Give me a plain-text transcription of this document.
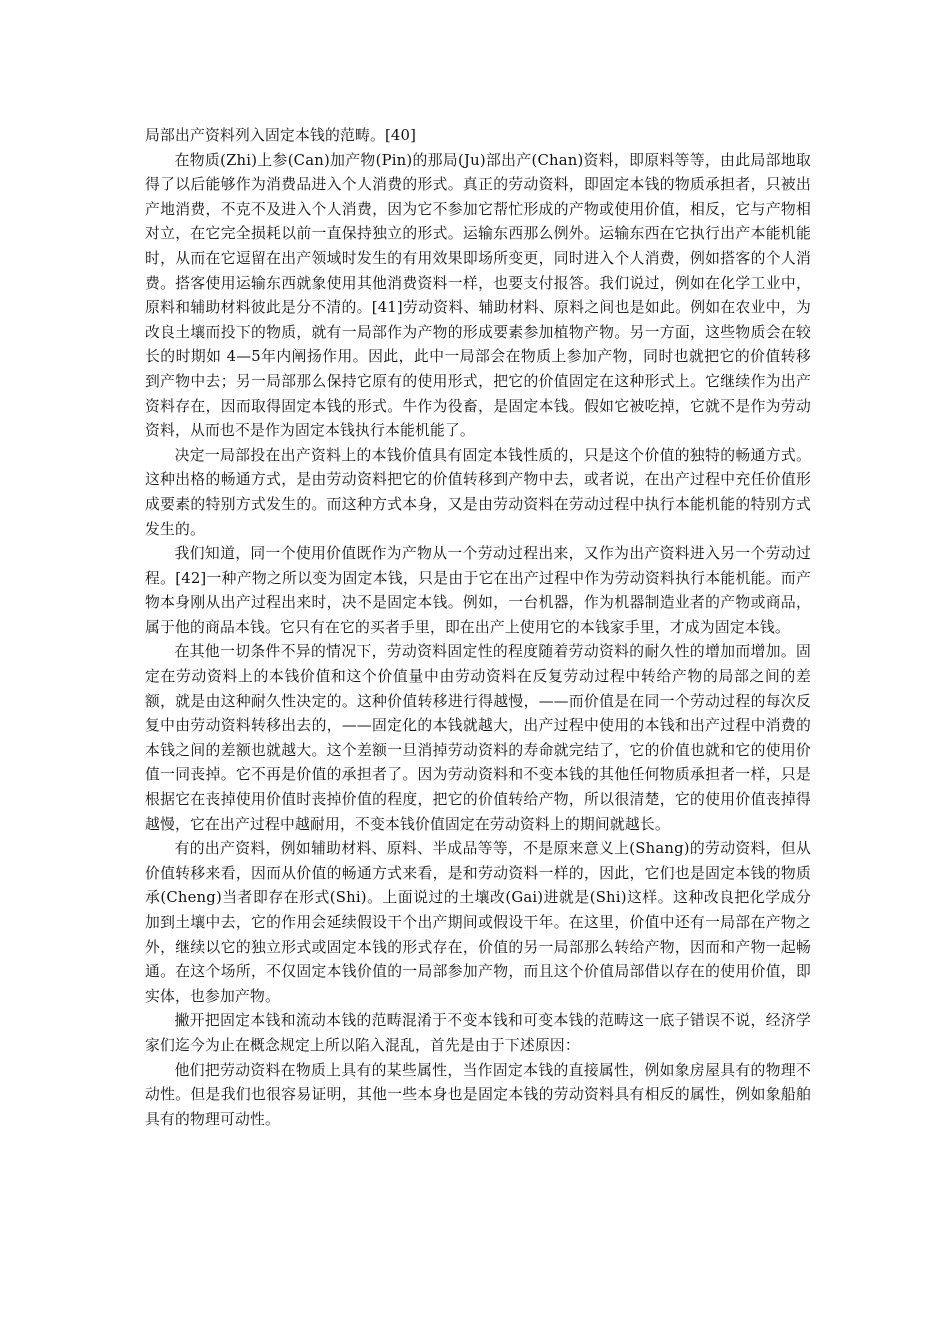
局部出产资料列入固定本钱的范畴。[40]

在物质(Zhi)上参(Can)加产物(Pin)的那局(Ju)部出产(Chan)资料，即原料等等，由此局部地取得了以后能够作为消费品进入个人消费的形式。真正的劳动资料，即固定本钱的物质承担者，只被出产地消费，不克不及进入个人消费，因为它不参加它帮忙形成的产物或使用价值，相反，它与产物相对立，在它完全损耗以前一直保持独立的形式。运输东西那么例外。运输东西在它执行出产本能机能时，从而在它逗留在出产领域时发生的有用效果即场所变更，同时进入个人消费，例如搭客的个人消费。搭客使用运输东西就象使用其他消费资料一样，也要支付报答。我们说过，例如在化学工业中，原料和辅助材料彼此是分不清的。[41]劳动资料、辅助材料、原料之间也是如此。例如在农业中，为改良土壤而投下的物质，就有一局部作为产物的形成要素参加植物产物。另一方面，这些物质会在较长的时期如 4—5年内阐扬作用。因此，此中一局部会在物质上参加产物，同时也就把它的价值转移到产物中去；另一局部那么保持它原有的使用形式，把它的价值固定在这种形式上。它继续作为出产资料存在，因而取得固定本钱的形式。牛作为役畜，是固定本钱。假如它被吃掉，它就不是作为劳动资料，从而也不是作为固定本钱执行本能机能了。

决定一局部投在出产资料上的本钱价值具有固定本钱性质的，只是这个价值的独特的畅通方式。这种出格的畅通方式，是由劳动资料把它的价值转移到产物中去，或者说，在出产过程中充任价值形成要素的特别方式发生的。而这种方式本身，又是由劳动资料在劳动过程中执行本能机能的特别方式发生的。

我们知道，同一个使用价值既作为产物从一个劳动过程出来，又作为出产资料进入另一个劳动过程。[42]一种产物之所以变为固定本钱，只是由于它在出产过程中作为劳动资料执行本能机能。而产物本身刚从出产过程出来时，决不是固定本钱。例如，一台机器，作为机器制造业者的产物或商品，属于他的商品本钱。它只有在它的买者手里，即在出产上使用它的本钱家手里，才成为固定本钱。

在其他一切条件不异的情况下，劳动资料固定性的程度随着劳动资料的耐久性的增加而增加。固定在劳动资料上的本钱价值和这个价值量中由劳动资料在反复劳动过程中转给产物的局部之间的差额，就是由这种耐久性决定的。这种价值转移进行得越慢，——而价值是在同一个劳动过程的每次反复中由劳动资料转移出去的，——固定化的本钱就越大，出产过程中使用的本钱和出产过程中消费的本钱之间的差额也就越大。这个差额一旦消掉劳动资料的寿命就完结了，它的价值也就和它的使用价值一同丧掉。它不再是价值的承担者了。因为劳动资料和不变本钱的其他任何物质承担者一样，只是根据它在丧掉使用价值时丧掉价值的程度，把它的价值转给产物，所以很清楚，它的使用价值丧掉得越慢，它在出产过程中越耐用，不变本钱价值固定在劳动资料上的期间就越长。

有的出产资料，例如辅助材料、原料、半成品等等，不是原来意义上(Shang)的劳动资料，但从价值转移来看，因而从价值的畅通方式来看，是和劳动资料一样的，因此，它们也是固定本钱的物质承(Cheng)当者即存在形式(Shi)。上面说过的土壤改(Gai)进就是(Shi)这样。这种改良把化学成分加到土壤中去，它的作用会延续假设干个出产期间或假设干年。在这里，价值中还有一局部在产物之外，继续以它的独立形式或固定本钱的形式存在，价值的另一局部那么转给产物，因而和产物一起畅通。在这个场所，不仅固定本钱价值的一局部参加产物，而且这个价值局部借以存在的使用价值，即实体，也参加产物。

撇开把固定本钱和流动本钱的范畴混淆于不变本钱和可变本钱的范畴这一底子错误不说，经济学家们迄今为止在概念规定上所以陷入混乱，首先是由于下述原因：

他们把劳动资料在物质上具有的某些属性，当作固定本钱的直接属性，例如象房屋具有的物理不动性。但是我们也很容易证明，其他一些本身也是固定本钱的劳动资料具有相反的属性，例如象船舶具有的物理可动性。
